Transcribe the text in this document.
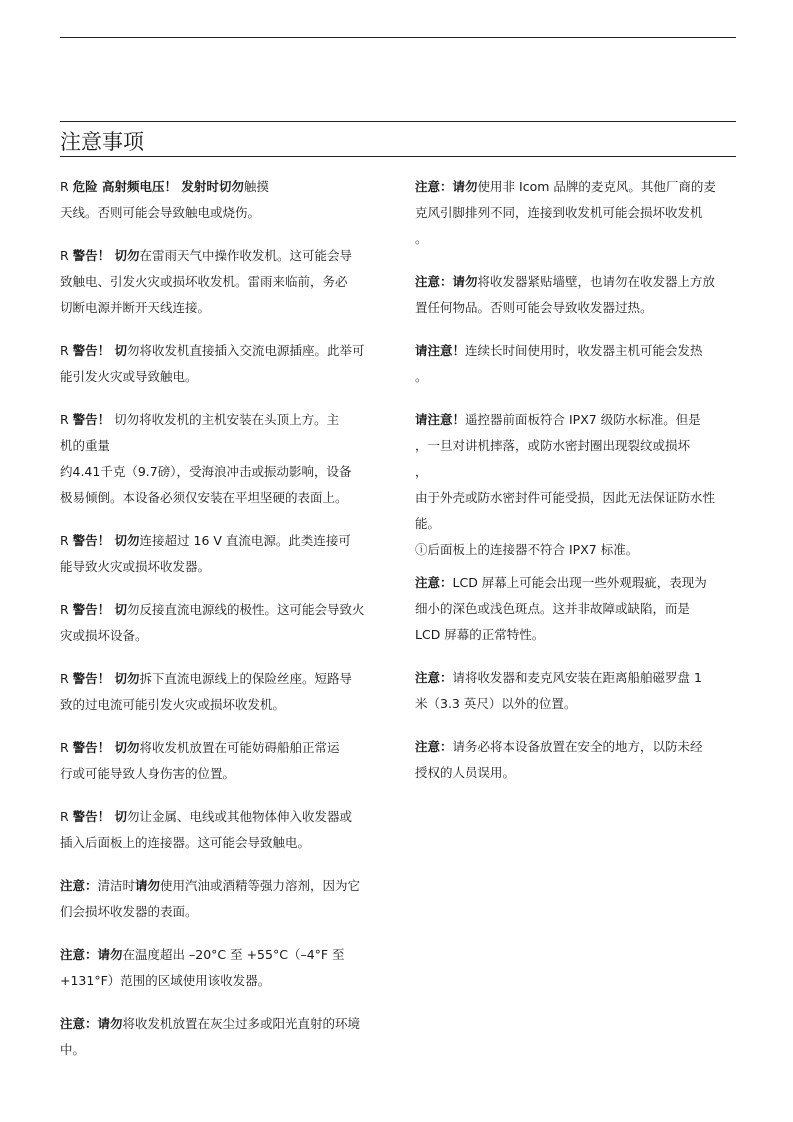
注意事项

R 危险 高射频电压！ 发射时切勿触摸

天线。否则可能会导致触电或烧伤。

R 警告！ 切勿在雷雨天气中操作收发机。这可能会导

致触电、引发火灾或损坏收发机。雷雨来临前，务必

切断电源并断开天线连接。

R 警告！ 切勿将收发机直接插入交流电源插座。此举可

能引发火灾或导致触电。

R 警告！ 切勿将收发机的主机安装在头顶上方。主

机的重量

约4.41千克（9.7磅），受海浪冲击或振动影响，设备

极易倾倒。本设备必须仅安装在平坦坚硬的表面上。

R 警告！ 切勿连接超过 16 V 直流电源。此类连接可

能导致火灾或损坏收发器。

R 警告！ 切勿反接直流电源线的极性。这可能会导致火

灾或损坏设备。

R 警告！ 切勿拆下直流电源线上的保险丝座。短路导

致的过电流可能引发火灾或损坏收发机。

R 警告！ 切勿将收发机放置在可能妨碍船舶正常运

行或可能导致人身伤害的位置。

R 警告！ 切勿让金属、电线或其他物体伸入收发器或

插入后面板上的连接器。这可能会导致触电。

注意：清洁时请勿使用汽油或酒精等强力溶剂，因为它

们会损坏收发器的表面。

注意：请勿在温度超出 –20°C 至 +55°C（–4°F 至

+131°F）范围的区域使用该收发器。

注意：请勿将收发机放置在灰尘过多或阳光直射的环境

中。

注意：请勿使用非 Icom 品牌的麦克风。其他厂商的麦

克风引脚排列不同，连接到收发机可能会损坏收发机

。

注意：请勿将收发器紧贴墙壁，也请勿在收发器上方放

置任何物品。否则可能会导致收发器过热。

请注意！连续长时间使用时，收发器主机可能会发热

。

请注意！遥控器前面板符合 IPX7 级防水标准。但是

，一旦对讲机摔落，或防水密封圈出现裂纹或损坏

，

由于外壳或防水密封件可能受损，因此无法保证防水性

能。

ⓘ后面板上的连接器不符合 IPX7 标准。

注意：LCD 屏幕上可能会出现一些外观瑕疵，表现为

细小的深色或浅色斑点。这并非故障或缺陷，而是

LCD 屏幕的正常特性。

注意：请将收发器和麦克风安装在距离船舶磁罗盘 1

米（3.3 英尺）以外的位置。

注意：请务必将本设备放置在安全的地方，以防未经

授权的人员误用。
